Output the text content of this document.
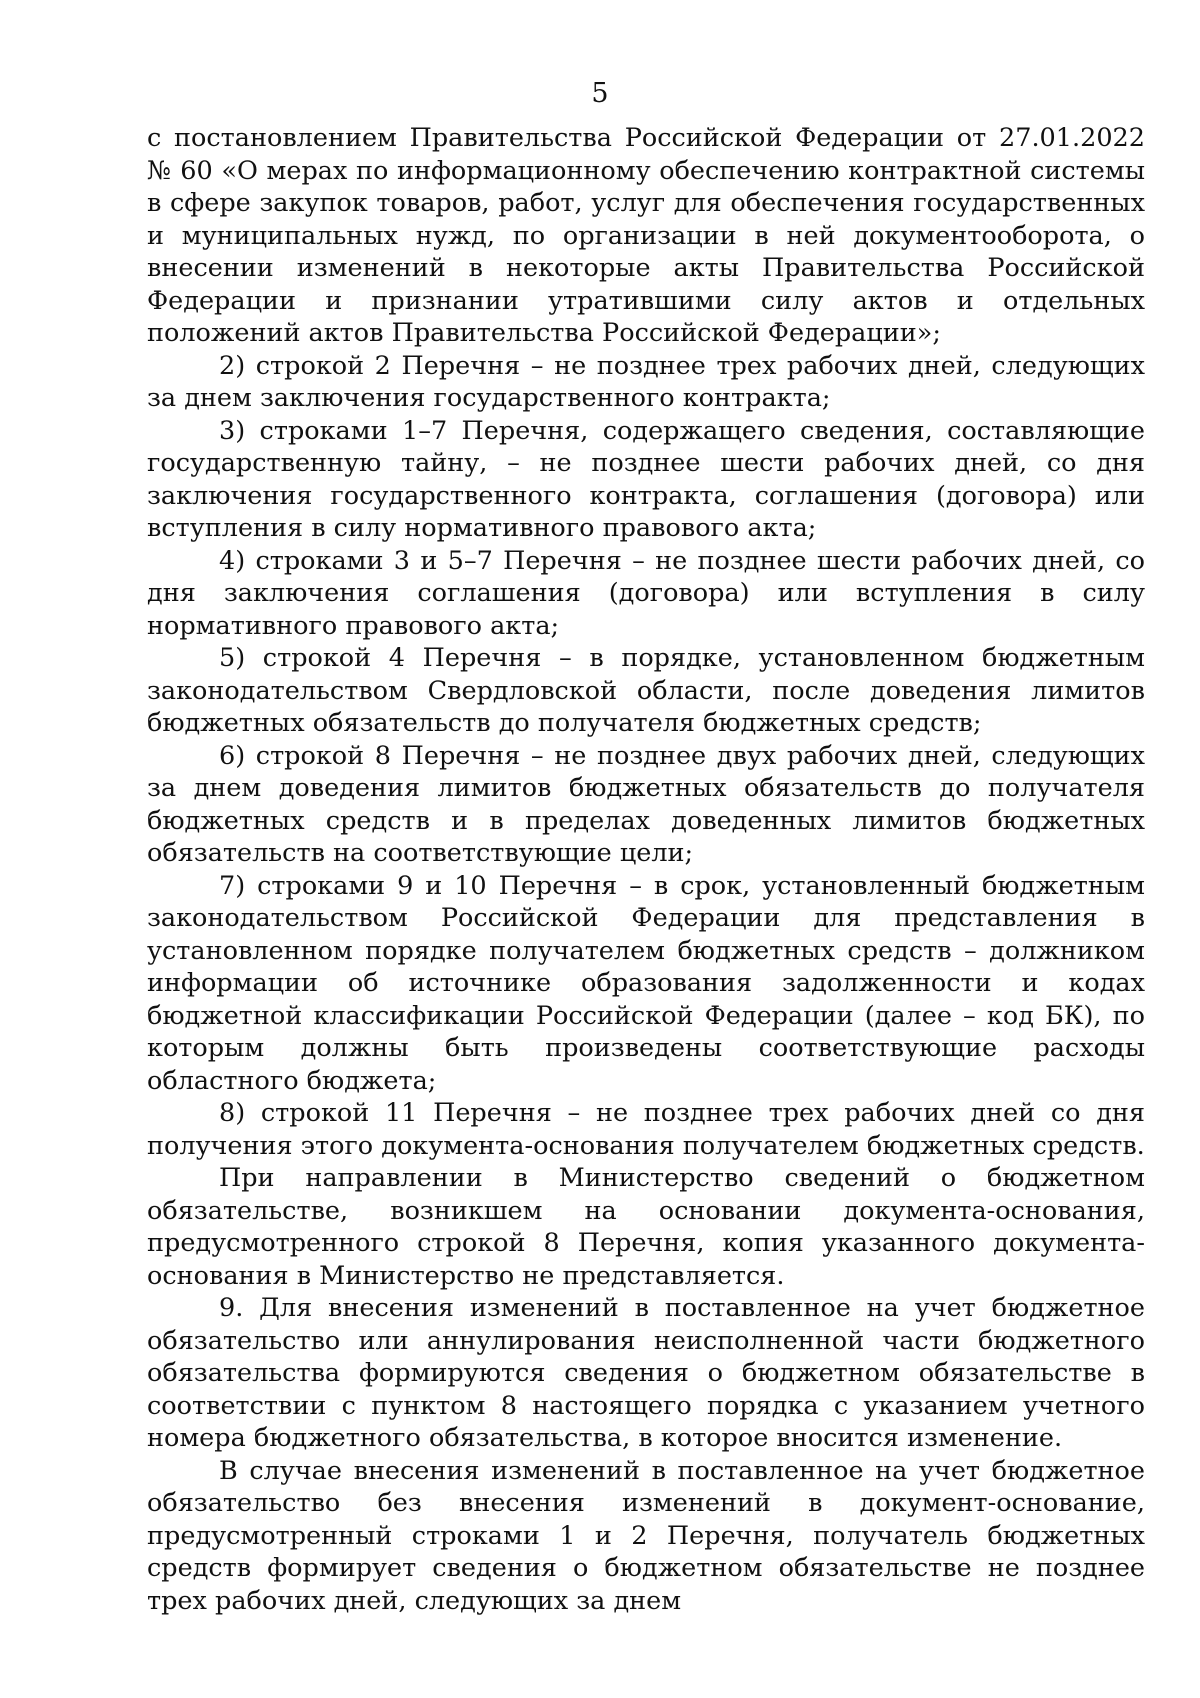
5

с постановлением Правительства Российской Федерации от 27.01.2022 № 60 «О мерах по информационному обеспечению контрактной системы в сфере закупок товаров, работ, услуг для обеспечения государственных и муниципальных нужд, по организации в ней документооборота, о внесении изменений в некоторые акты Правительства Российской Федерации и признании утратившими силу актов и отдельных положений актов Правительства Российской Федерации»;

2) строкой 2 Перечня – не позднее трех рабочих дней, следующих за днем заключения государственного контракта;

3) строками 1–7 Перечня, содержащего сведения, составляющие государственную тайну, – не позднее шести рабочих дней, со дня заключения государственного контракта, соглашения (договора) или вступления в силу нормативного правового акта;

4) строками 3 и 5–7 Перечня – не позднее шести рабочих дней, со дня заключения соглашения (договора) или вступления в силу нормативного правового акта;

5) строкой 4 Перечня – в порядке, установленном бюджетным законодательством Свердловской области, после доведения лимитов бюджетных обязательств до получателя бюджетных средств;

6) строкой 8 Перечня – не позднее двух рабочих дней, следующих за днем доведения лимитов бюджетных обязательств до получателя бюджетных средств и в пределах доведенных лимитов бюджетных обязательств на соответствующие цели;

7) строками 9 и 10 Перечня – в срок, установленный бюджетным законодательством Российской Федерации для представления в установленном порядке получателем бюджетных средств – должником информации об источнике образования задолженности и кодах бюджетной классификации Российской Федерации (далее – код БК), по которым должны быть произведены соответствующие расходы областного бюджета;

8) строкой 11 Перечня – не позднее трех рабочих дней со дня получения этого документа-основания получателем бюджетных средств.

При направлении в Министерство сведений о бюджетном обязательстве, возникшем на основании документа-основания, предусмотренного строкой 8 Перечня, копия указанного документа-основания в Министерство не представляется.

9. Для внесения изменений в поставленное на учет бюджетное обязательство или аннулирования неисполненной части бюджетного обязательства формируются сведения о бюджетном обязательстве в соответствии с пунктом 8 настоящего порядка с указанием учетного номера бюджетного обязательства, в которое вносится изменение.

В случае внесения изменений в поставленное на учет бюджетное обязательство без внесения изменений в документ-основание, предусмотренный строками 1 и 2 Перечня, получатель бюджетных средств формирует сведения о бюджетном обязательстве не позднее трех рабочих дней, следующих за днем
